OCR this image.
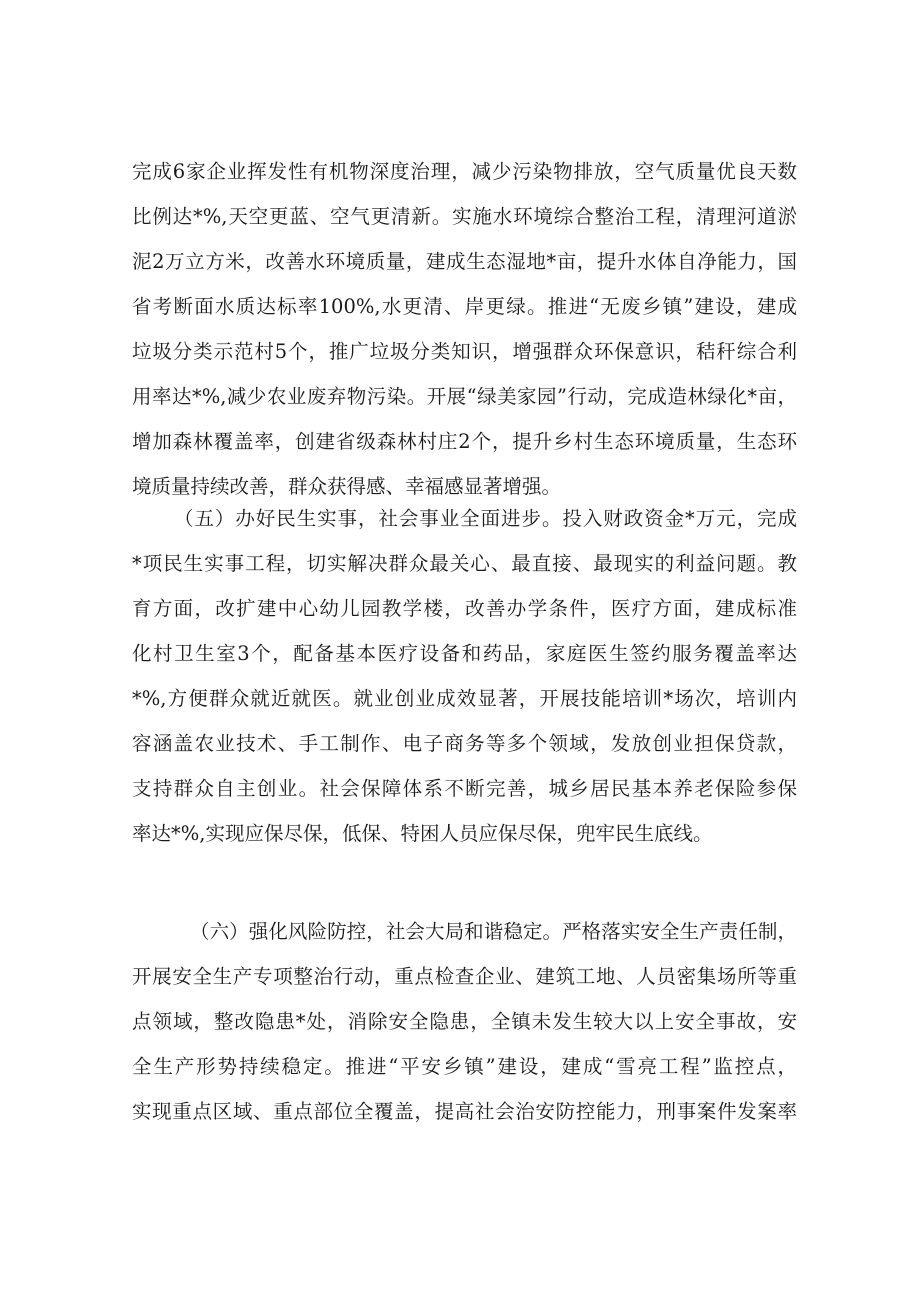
完成6家企业挥发性有机物深度治理，减少污染物排放，空气质量优良天数
比例达*%,天空更蓝、空气更清新。实施水环境综合整治工程，清理河道淤
泥2万立方米，改善水环境质量，建成生态湿地*亩，提升水体自净能力，国
省考断面水质达标率100%,水更清、岸更绿。推进“无废乡镇”建设，建成
垃圾分类示范村5个，推广垃圾分类知识，增强群众环保意识，秸秆综合利
用率达*%,减少农业废弃物污染。开展“绿美家园”行动，完成造林绿化*亩，
增加森林覆盖率，创建省级森林村庄2个，提升乡村生态环境质量，生态环
境质量持续改善，群众获得感、幸福感显著增强。
（五）办好民生实事，社会事业全面进步。投入财政资金*万元，完成
*项民生实事工程，切实解决群众最关心、最直接、最现实的利益问题。教
育方面，改扩建中心幼儿园教学楼，改善办学条件，医疗方面，建成标准
化村卫生室3个，配备基本医疗设备和药品，家庭医生签约服务覆盖率达
*%,方便群众就近就医。就业创业成效显著，开展技能培训*场次，培训内
容涵盖农业技术、手工制作、电子商务等多个领域，发放创业担保贷款，
支持群众自主创业。社会保障体系不断完善，城乡居民基本养老保险参保
率达*%,实现应保尽保，低保、特困人员应保尽保，兜牢民生底线。
（六）强化风险防控，社会大局和谐稳定。严格落实安全生产责任制，
开展安全生产专项整治行动，重点检查企业、建筑工地、人员密集场所等重
点领域，整改隐患*处，消除安全隐患，全镇未发生较大以上安全事故，安
全生产形势持续稳定。推进“平安乡镇”建设，建成“雪亮工程”监控点，
实现重点区域、重点部位全覆盖，提高社会治安防控能力，刑事案件发案率
